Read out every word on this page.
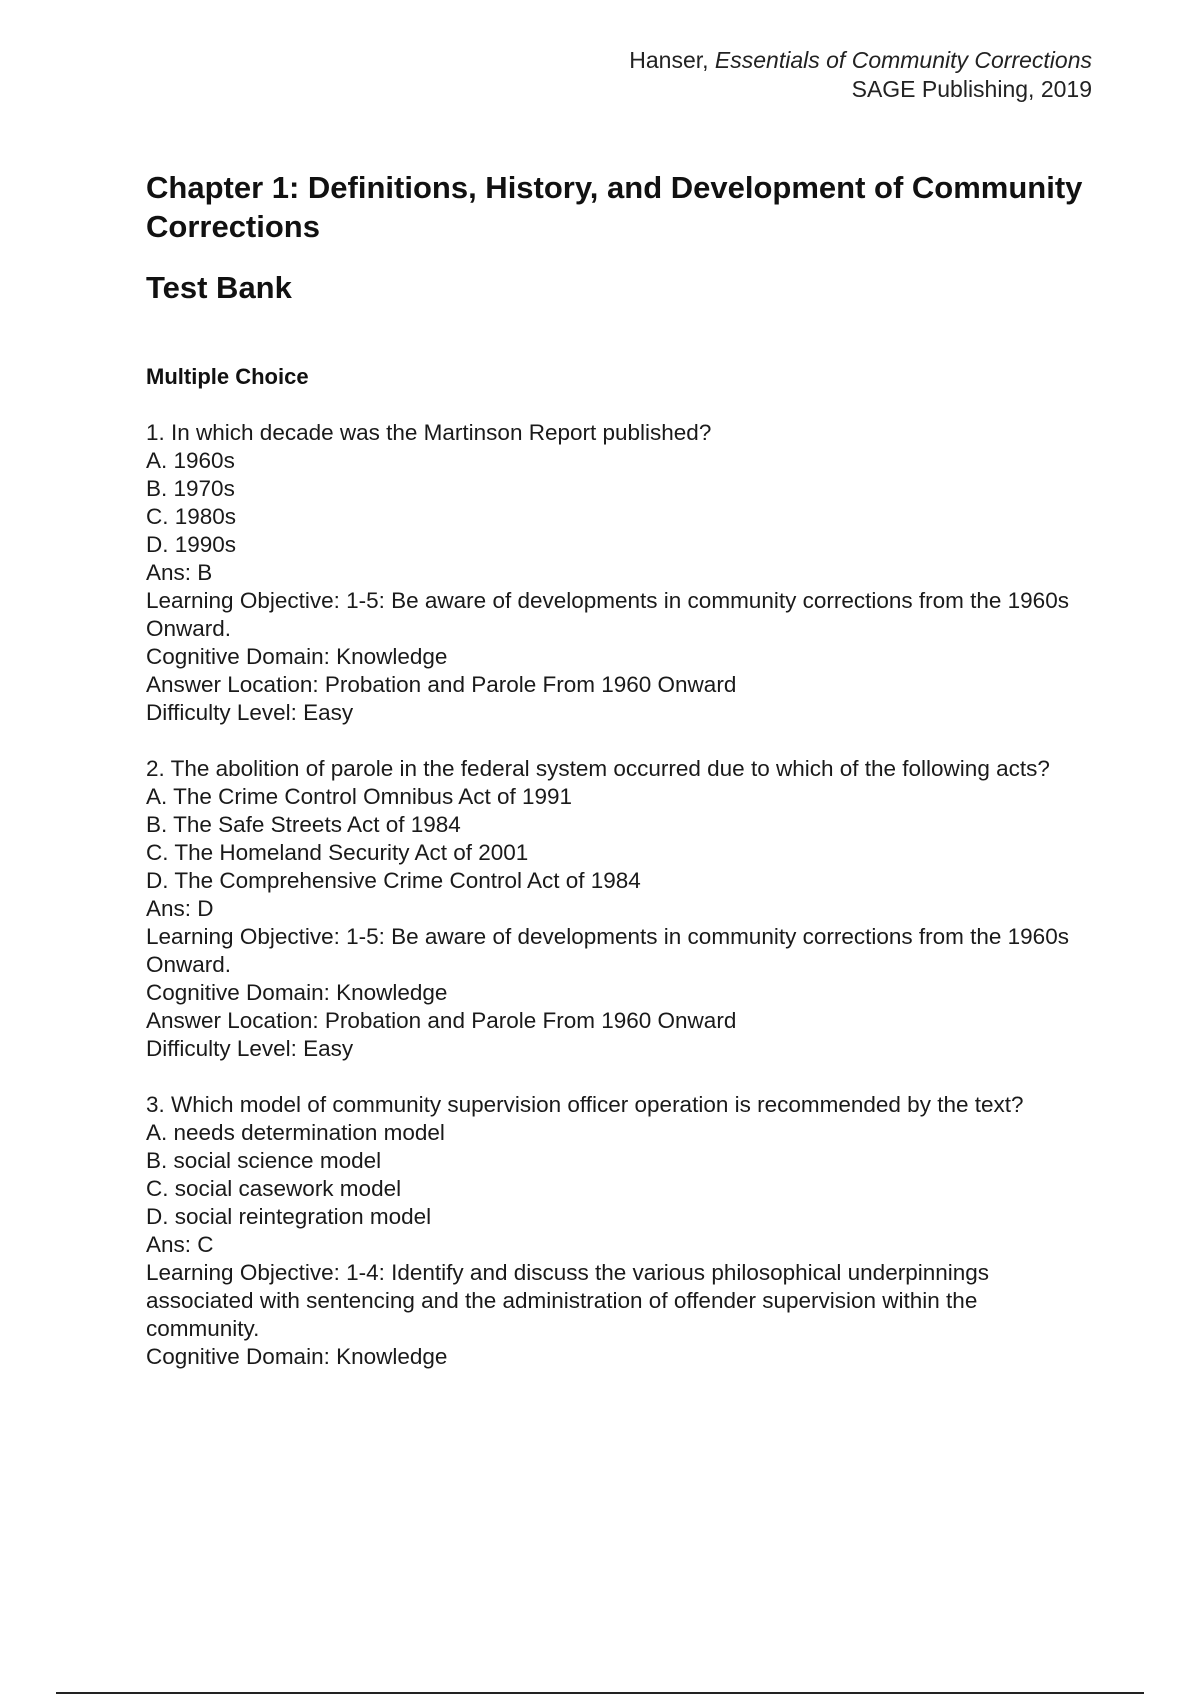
Hanser, Essentials of Community Corrections
SAGE Publishing, 2019
Chapter 1: Definitions, History, and Development of Community Corrections
Test Bank
Multiple Choice
1. In which decade was the Martinson Report published?
A. 1960s
B. 1970s
C. 1980s
D. 1990s
Ans: B
Learning Objective: 1-5: Be aware of developments in community corrections from the 1960s Onward.
Cognitive Domain: Knowledge
Answer Location: Probation and Parole From 1960 Onward
Difficulty Level: Easy
2. The abolition of parole in the federal system occurred due to which of the following acts?
A. The Crime Control Omnibus Act of 1991
B. The Safe Streets Act of 1984
C. The Homeland Security Act of 2001
D. The Comprehensive Crime Control Act of 1984
Ans: D
Learning Objective: 1-5: Be aware of developments in community corrections from the 1960s Onward.
Cognitive Domain: Knowledge
Answer Location: Probation and Parole From 1960 Onward
Difficulty Level: Easy
3. Which model of community supervision officer operation is recommended by the text?
A. needs determination model
B. social science model
C. social casework model
D. social reintegration model
Ans: C
Learning Objective: 1-4: Identify and discuss the various philosophical underpinnings associated with sentencing and the administration of offender supervision within the community.
Cognitive Domain: Knowledge
